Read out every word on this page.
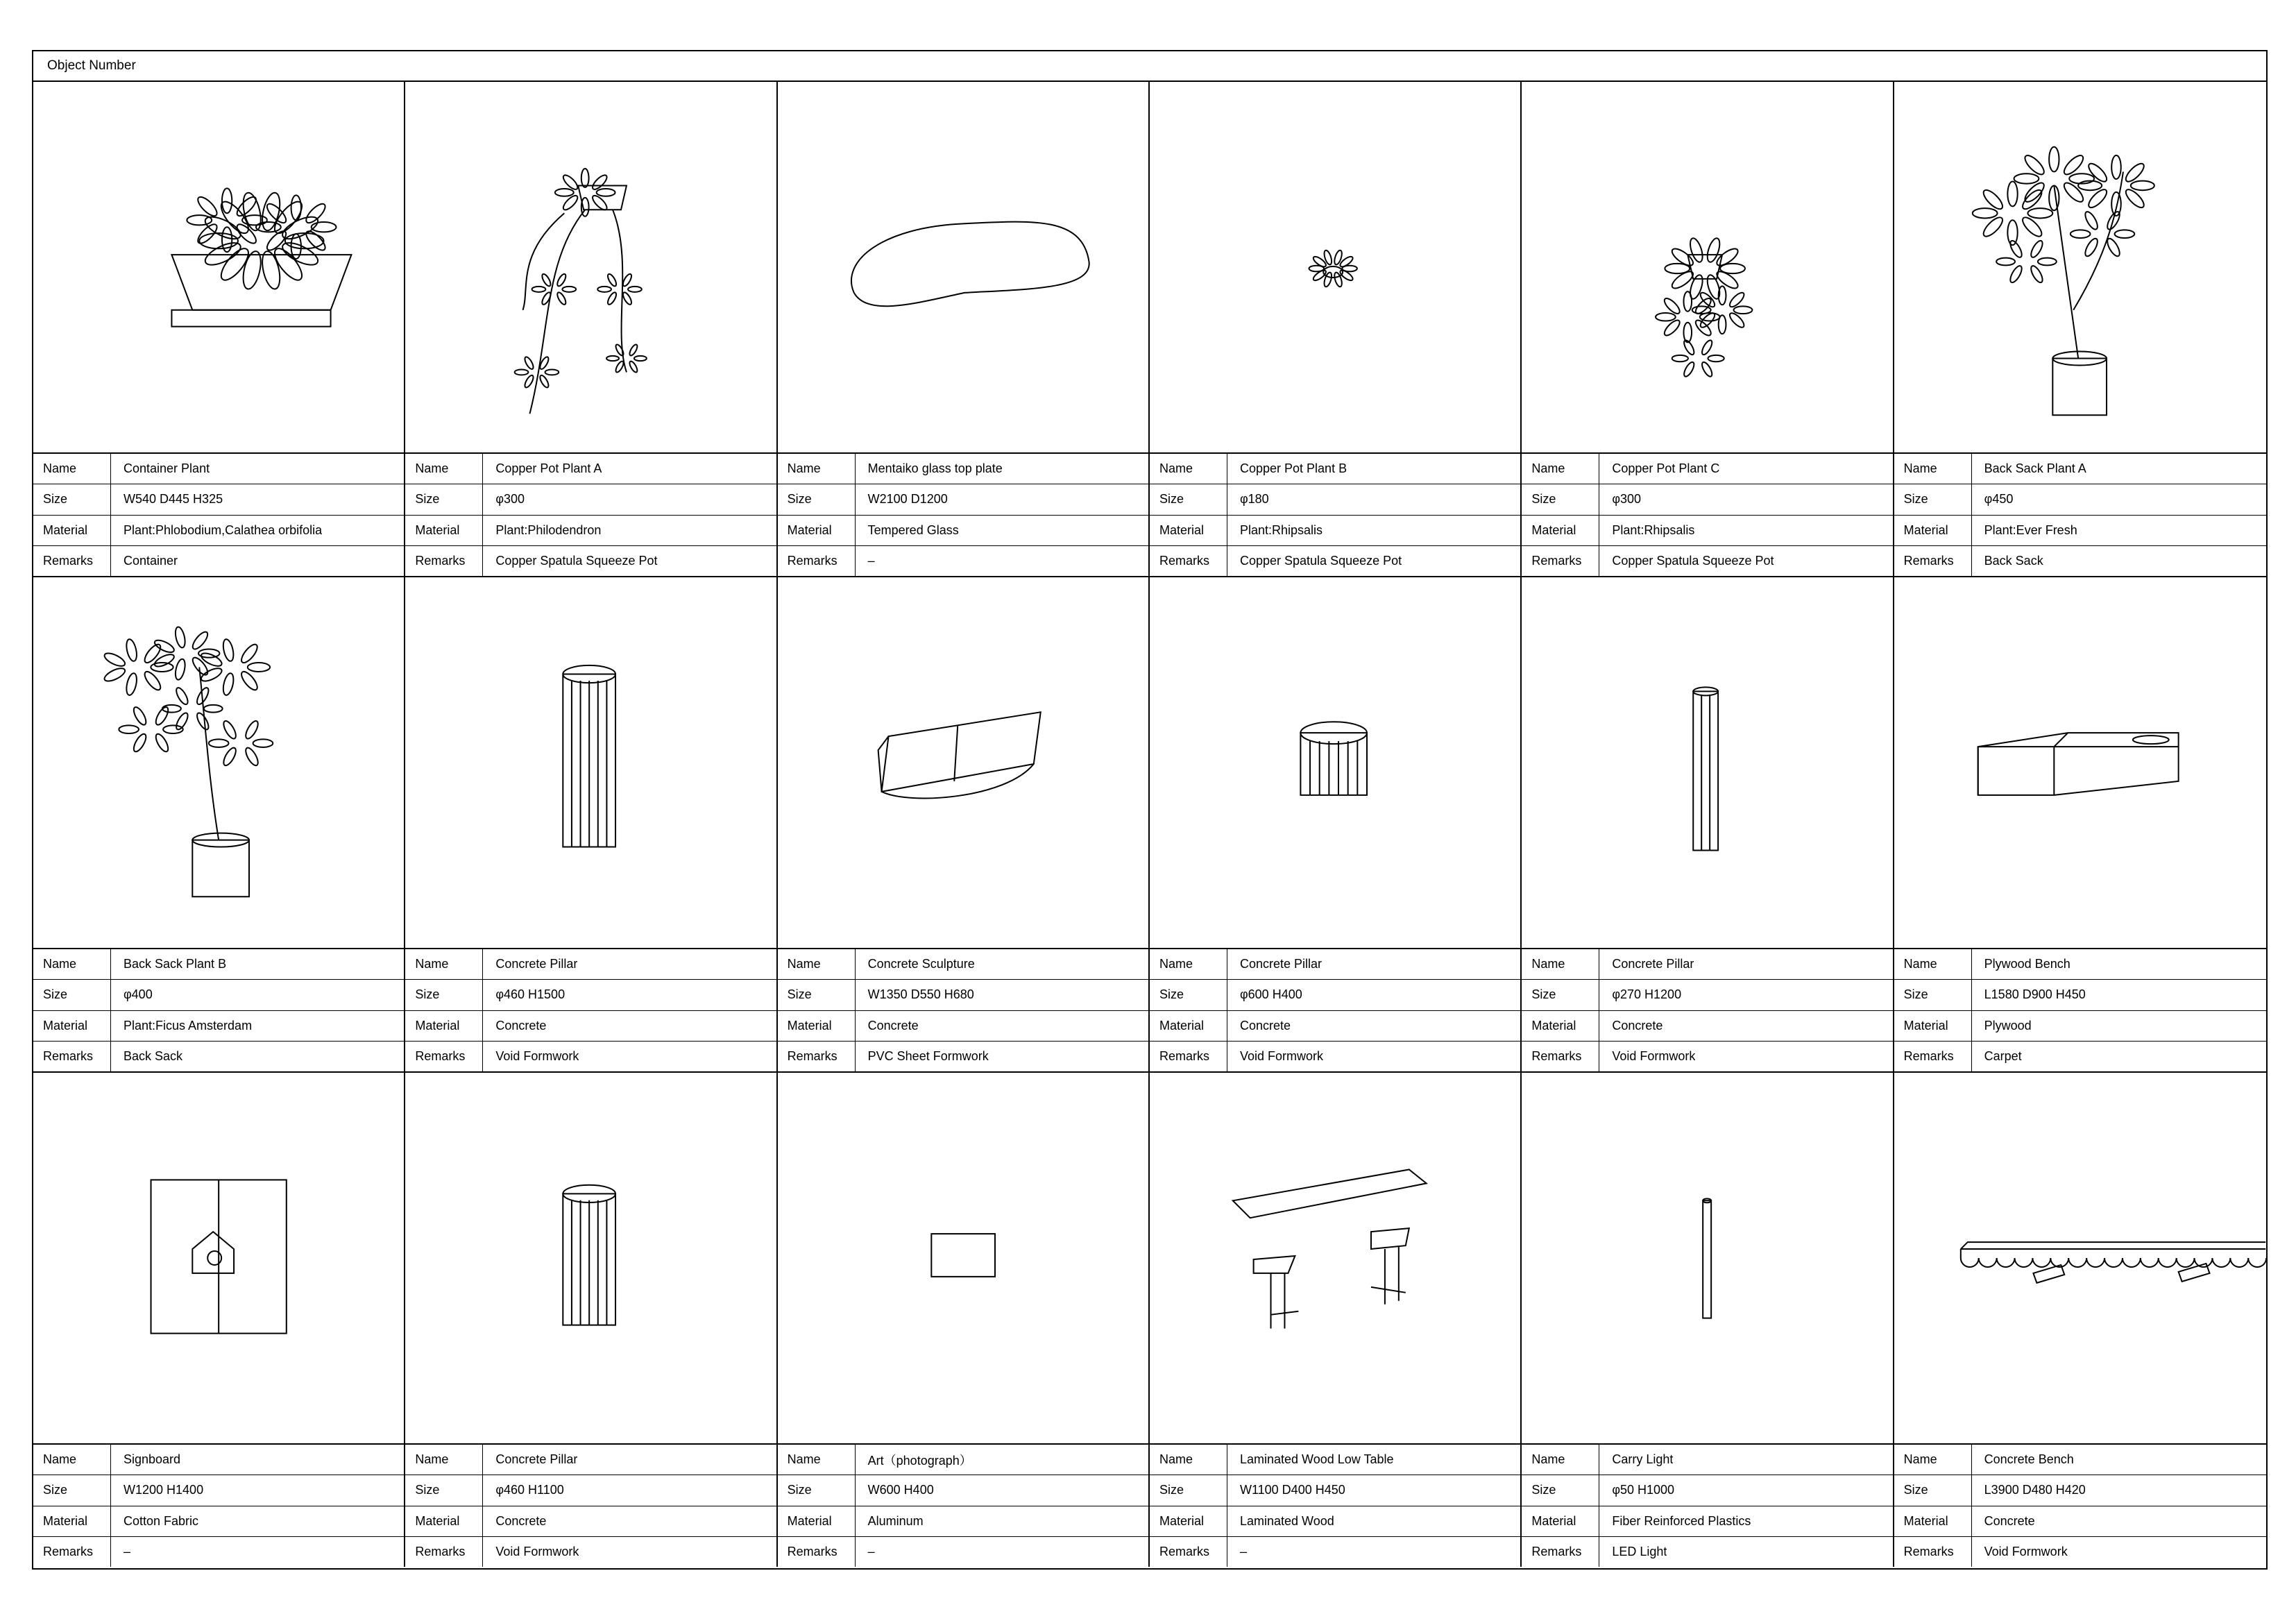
Object Number
Name	Container Plant
Size	W540 D445 H325
Material	Plant:Phlobodium,Calathea orbifolia
Remarks	Container
Name	Copper Pot Plant A
Size	φ300
Material	Plant:Philodendron
Remarks	Copper Spatula Squeeze Pot
Name	Mentaiko glass top plate
Size	W2100 D1200
Material	Tempered Glass
Remarks	–
Name	Copper Pot Plant B
Size	φ180
Material	Plant:Rhipsalis
Remarks	Copper Spatula Squeeze Pot
Name	Copper Pot Plant C
Size	φ300
Material	Plant:Rhipsalis
Remarks	Copper Spatula Squeeze Pot
Name	Back Sack Plant A
Size	φ450
Material	Plant:Ever Fresh
Remarks	Back Sack
Name	Back Sack Plant B
Size	φ400
Material	Plant:Ficus Amsterdam
Remarks	Back Sack
Name	Concrete Pillar
Size	φ460 H1500
Material	Concrete
Remarks	Void Formwork
Name	Concrete Sculpture
Size	W1350 D550 H680
Material	Concrete
Remarks	PVC Sheet Formwork
Name	Concrete Pillar
Size	φ600 H400
Material	Concrete
Remarks	Void Formwork
Name	Concrete Pillar
Size	φ270 H1200
Material	Concrete
Remarks	Void Formwork
Name	Plywood Bench
Size	L1580 D900 H450
Material	Plywood
Remarks	Carpet
Name	Signboard
Size	W1200 H1400
Material	Cotton Fabric
Remarks	–
Name	Concrete Pillar
Size	φ460 H1100
Material	Concrete
Remarks	Void Formwork
Name	Art（photograph）
Size	W600 H400
Material	Aluminum
Remarks	–
Name	Laminated Wood Low Table
Size	W1100 D400 H450
Material	Laminated Wood
Remarks	–
Name	Carry Light
Size	φ50 H1000
Material	Fiber Reinforced Plastics
Remarks	LED Light
Name	Concrete Bench
Size	L3900 D480 H420
Material	Concrete
Remarks	Void Formwork
